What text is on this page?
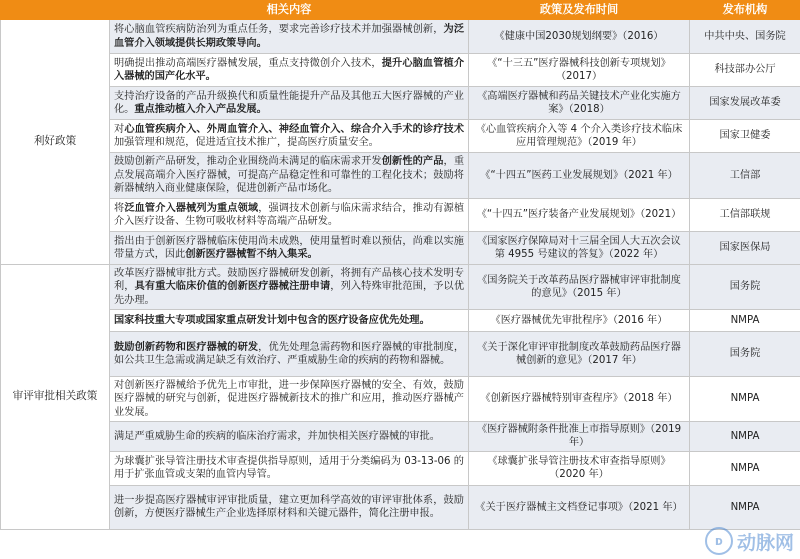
	相关内容	政策及发布时间	发布机构
利好政策	将心脑血管疾病防治列为重点任务，要求完善诊疗技术并加强器械创新，为泛血管介入领域提供长期政策导向。	《健康中国2030规划纲要》（2016）	中共中央、国务院
	明确提出推动高端医疗器械发展，重点支持微创介入技术，提升心脑血管植介入器械的国产化水平。	《“十三五”医疗器械科技创新专项规划》（2017）	科技部办公厅
	支持治疗设备的产品升级换代和质量性能提升产品及其他五大医疗器械的产业化。重点推动植入介入产品发展。	《高端医疗器械和药品关键技术产业化实施方案》（2018）	国家发展改革委
	对心血管疾病介入、外周血管介入、神经血管介入、综合介入手术的诊疗技术加强管理和规范，促进适宜技术推广，提高医疗质量安全。	《心血管疾病介入等 4 个介入类诊疗技术临床应用管理规范》（2019 年）	国家卫健委
	鼓励创新产品研发，推动企业围绕尚未满足的临床需求开发创新性的产品，重点发展高端介入医疗器械，可提高产品稳定性和可靠性的工程化技术；鼓励将新器械纳入商业健康保险，促进创新产品市场化。	《“十四五”医药工业发展规划》（2021 年）	工信部
	将泛血管介入器械列为重点领域，强调技术创新与临床需求结合，推动有源植介入医疗设备、生物可吸收材料等高端产品研发。	《“十四五”医疗装备产业发展规划》（2021）	工信部联规
	指出由于创新医疗器械临床使用尚未成熟，使用量暂时难以预估，尚难以实施带量方式，因此创新医疗器械暂不纳入集采。	《国家医疗保障局对十三届全国人大五次会议第 4955 号建议的答复》（2022 年）	国家医保局
审评审批相关政策	改革医疗器械审批方式。鼓励医疗器械研发创新，将拥有产品核心技术发明专利，具有重大临床价值的创新医疗器械注册申请，列入特殊审批范围，予以优先办理。	《国务院关于改革药品医疗器械审评审批制度的意见》（2015 年）	国务院
	国家科技重大专项或国家重点研发计划中包含的医疗设备应优先处理。	《医疗器械优先审批程序》（2016 年）	NMPA
	鼓励创新药物和医疗器械的研发，优先处理急需药物和医疗器械的审批制度，如公共卫生急需或满足缺乏有效治疗、严重威胁生命的疾病的药物和器械。	《关于深化审评审批制度改革鼓励药品医疗器械创新的意见》（2017 年）	国务院
	对创新医疗器械给予优先上市审批，进一步保障医疗器械的安全、有效，鼓励医疗器械的研究与创新，促进医疗器械新技术的推广和应用，推动医疗器械产业发展。	《创新医疗器械特别审查程序》（2018 年）	NMPA
	满足严重威胁生命的疾病的临床治疗需求，并加快相关医疗器械的审批。	《医疗器械附条件批准上市指导原则》（2019 年）	NMPA
	为球囊扩张导管注册技术审查提供指导原则，适用于分类编码为 03-13-06 的用于扩张血管或支架的血管内导管。	《球囊扩张导管注册技术审查指导原则》（2020 年）	NMPA
	进一步提高医疗器械审评审批质量，建立更加科学高效的审评审批体系，鼓励创新，方便医疗器械生产企业选择原材料和关键元器件，简化注册申报。	《关于医疗器械主文档登记事项》（2021 年）	NMPA
ᴅ 动脉网
